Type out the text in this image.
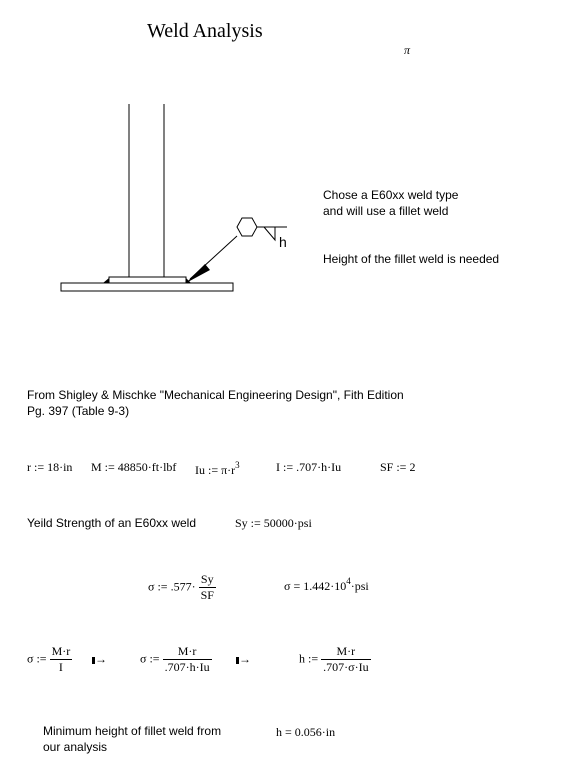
Weld Analysis
π
h
Chose a E60xx weld type
and will use a fillet weld
Height of the fillet weld is needed
From Shigley & Mischke "Mechanical Engineering Design", Fith Edition
Pg. 397 (Table 9-3)
r := 18·in M := 48850·ft·lbf Iu := $\pi\cdot r^3$	I := .707·h·Iu	SF := 2
Yeild Strength of an E60xx weld	Sy := 50000·psi
σ := $.577\cdot \frac{Sy}{SF}$	$\sigma = 1.442\cdot 10^4\cdot psi$
σ := $\frac{M\cdot r}{I}$ →	σ := $\frac{M\cdot r}{.707\cdot h\cdot Iu}$ →	h := $\frac{M\cdot r}{.707\cdot\sigma\cdot Iu}$
Minimum height of fillet weld from
our analysis
h = 0.056·in
